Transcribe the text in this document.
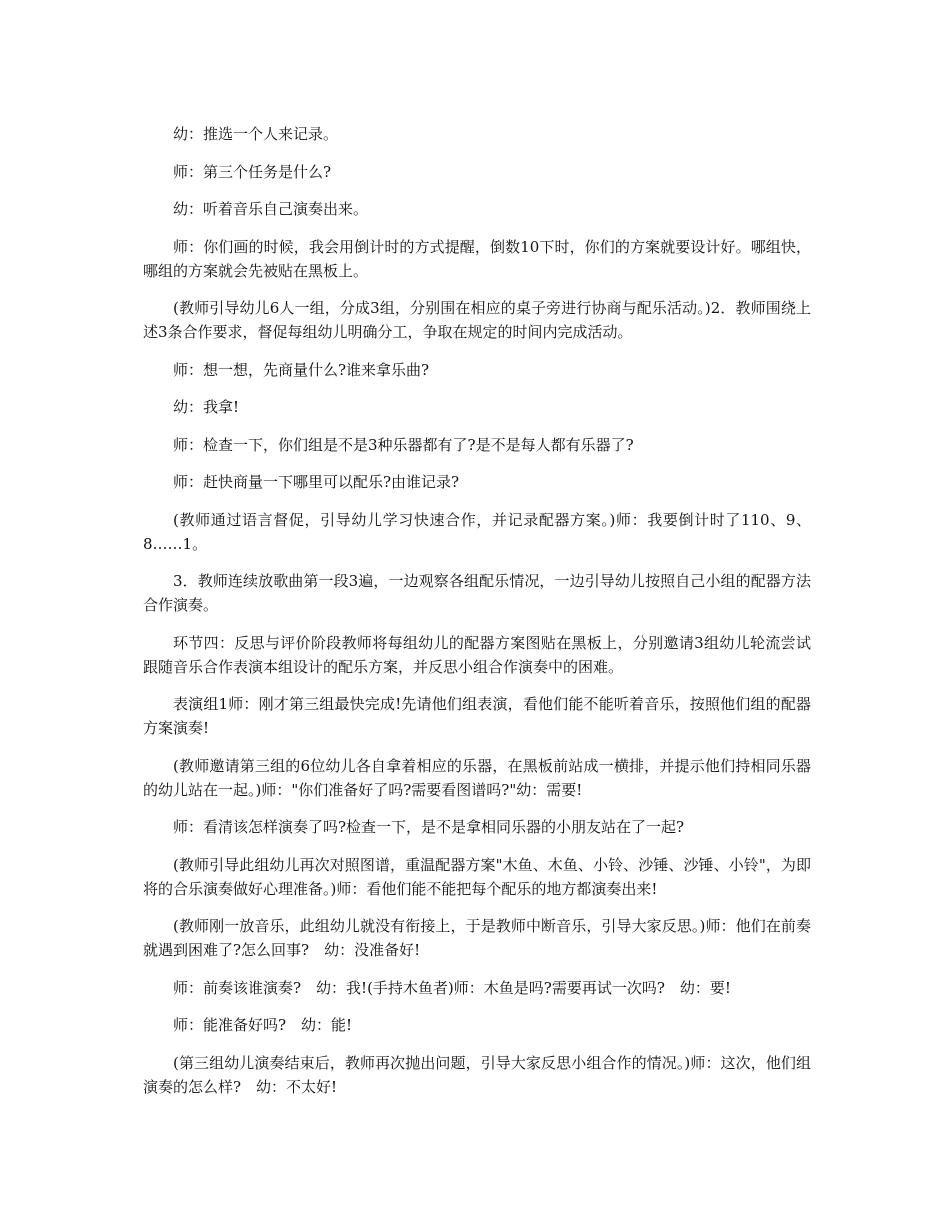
幼：推选一个人来记录。

师：第三个任务是什么?

幼：听着音乐自己演奏出来。

师：你们画的时候，我会用倒计时的方式提醒，倒数10下时，你们的方案就要设计好。哪组快，哪组的方案就会先被贴在黑板上。

(教师引导幼儿6人一组，分成3组，分别围在相应的桌子旁进行协商与配乐活动。)2．教师围绕上述3条合作要求，督促每组幼儿明确分工，争取在规定的时间内完成活动。

师：想一想，先商量什么?谁来拿乐曲?

幼：我拿!

师：检查一下，你们组是不是3种乐器都有了?是不是每人都有乐器了?

师：赶快商量一下哪里可以配乐?由谁记录?

(教师通过语言督促，引导幼儿学习快速合作，并记录配器方案。)师：我要倒计时了110、9、8……1。

3．教师连续放歌曲第一段3遍，一边观察各组配乐情况，一边引导幼儿按照自己小组的配器方法合作演奏。

环节四：反思与评价阶段教师将每组幼儿的配器方案图贴在黑板上，分别邀请3组幼儿轮流尝试跟随音乐合作表演本组设计的配乐方案，并反思小组合作演奏中的困难。

表演组1师：刚才第三组最快完成!先请他们组表演，看他们能不能听着音乐，按照他们组的配器方案演奏!

(教师邀请第三组的6位幼儿各自拿着相应的乐器，在黑板前站成一横排，并提示他们持相同乐器的幼儿站在一起。)师："你们准备好了吗?需要看图谱吗?"幼：需要!

师：看清该怎样演奏了吗?检查一下，是不是拿相同乐器的小朋友站在了一起?

(教师引导此组幼儿再次对照图谱，重温配器方案"木鱼、木鱼、小铃、沙锤、沙锤、小铃"，为即将的合乐演奏做好心理准备。)师：看他们能不能把每个配乐的地方都演奏出来!

(教师刚一放音乐，此组幼儿就没有衔接上，于是教师中断音乐，引导大家反思。)师：他们在前奏就遇到困难了?怎么回事?　幼：没准备好!

师：前奏该谁演奏?　幼：我!(手持木鱼者)师：木鱼是吗?需要再试一次吗?　幼：要!

师：能准备好吗?　幼：能!

(第三组幼儿演奏结束后，教师再次抛出问题，引导大家反思小组合作的情况。)师：这次，他们组演奏的怎么样?　幼：不太好!
